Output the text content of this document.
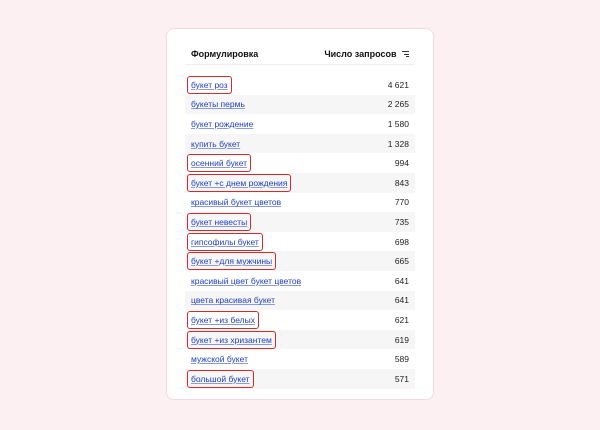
Формулировка	Число запросов
букет роз	4 621
букеты пермь	2 265
букет рождение	1 580
купить букет	1 328
осенний букет	994
букет +с днем рождения	843
красивый букет цветов	770
букет невесты	735
гипсофилы букет	698
букет +для мужчины	665
красивый цвет букет цветов	641
цвета красивая букет	641
букет +из белых	621
букет +из хризантем	619
мужской букет	589
большой букет	571
